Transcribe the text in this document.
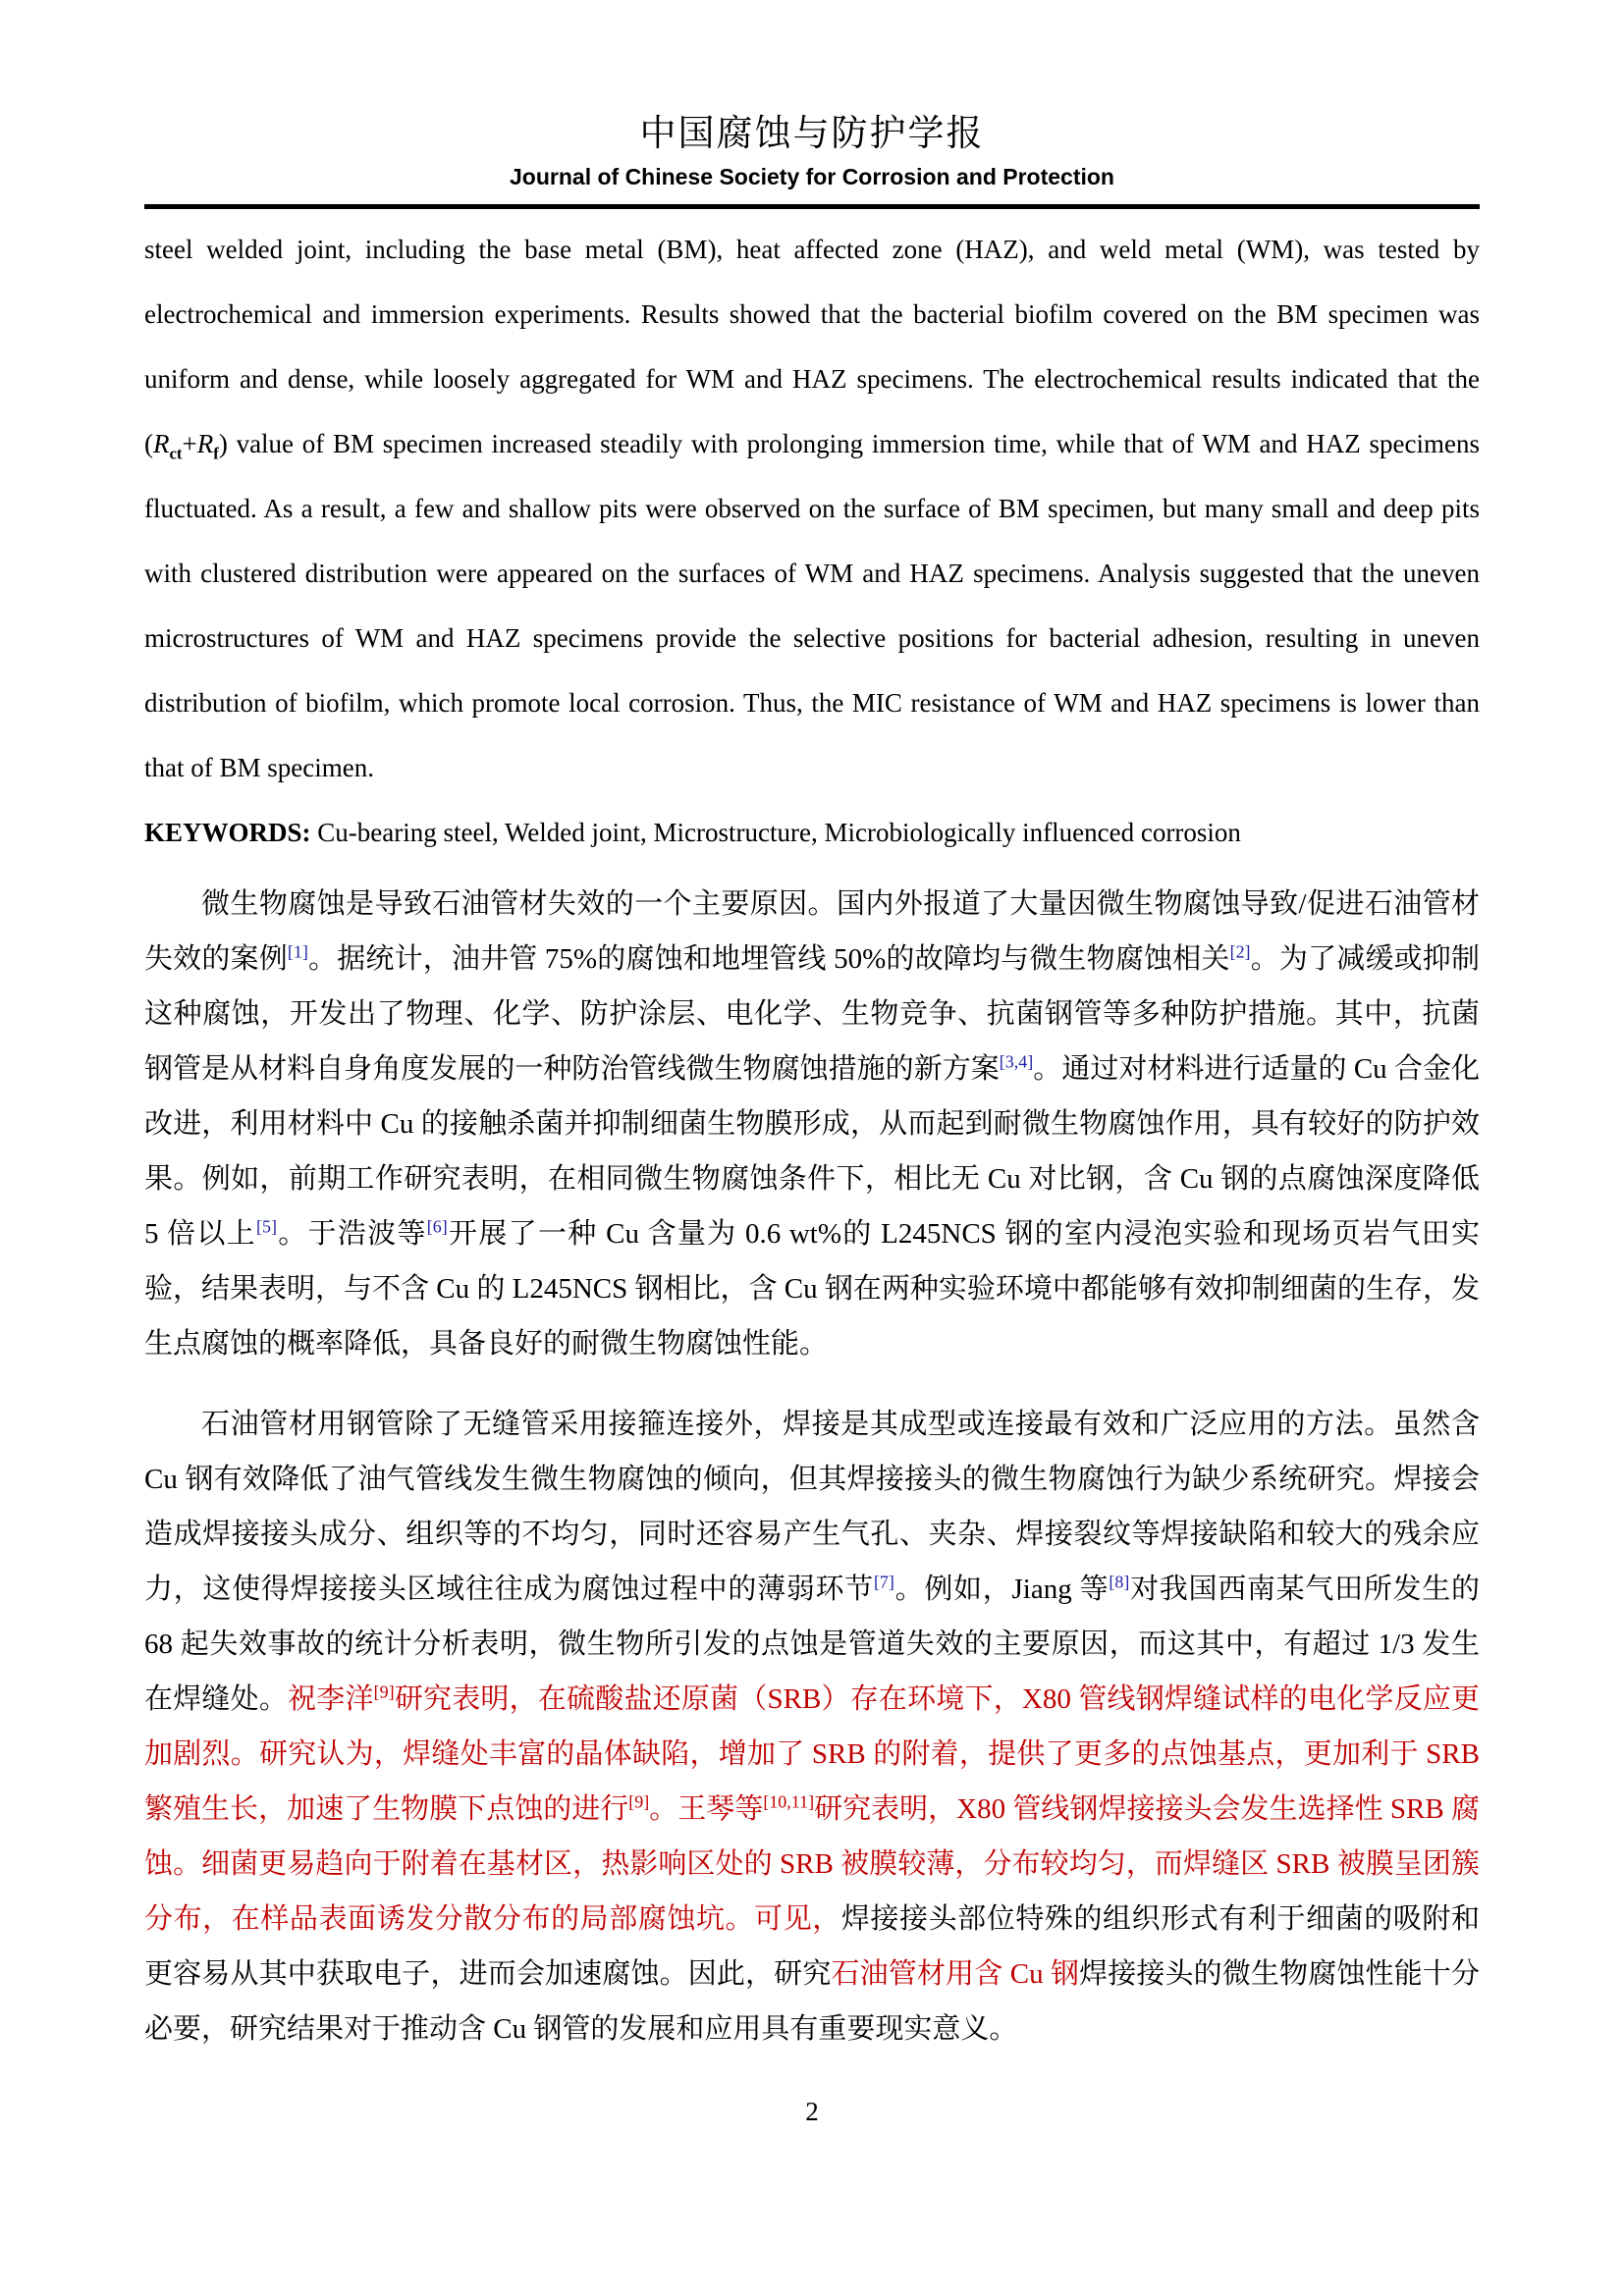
中国腐蚀与防护学报
Journal of Chinese Society for Corrosion and Protection

steel welded joint, including the base metal (BM), heat affected zone (HAZ), and weld metal (WM), was tested by electrochemical and immersion experiments. Results showed that the bacterial biofilm covered on the BM specimen was uniform and dense, while loosely aggregated for WM and HAZ specimens. The electrochemical results indicated that the $(R_{ct}+R_f)$ value of BM specimen increased steadily with prolonging immersion time, while that of WM and HAZ specimens fluctuated. As a result, a few and shallow pits were observed on the surface of BM specimen, but many small and deep pits with clustered distribution were appeared on the surfaces of WM and HAZ specimens. Analysis suggested that the uneven microstructures of WM and HAZ specimens provide the selective positions for bacterial adhesion, resulting in uneven distribution of biofilm, which promote local corrosion. Thus, the MIC resistance of WM and HAZ specimens is lower than that of BM specimen.

KEYWORDS: Cu-bearing steel, Welded joint, Microstructure, Microbiologically influenced corrosion

微生物腐蚀是导致石油管材失效的一个主要原因。国内外报道了大量因微生物腐蚀导致/促进石油管材失效的案例[1]。据统计，油井管 75%的腐蚀和地埋管线 50%的故障均与微生物腐蚀相关[2]。为了减缓或抑制这种腐蚀，开发出了物理、化学、防护涂层、电化学、生物竞争、抗菌钢管等多种防护措施。其中，抗菌钢管是从材料自身角度发展的一种防治管线微生物腐蚀措施的新方案[3,4]。通过对材料进行适量的 Cu 合金化改进，利用材料中 Cu 的接触杀菌并抑制细菌生物膜形成，从而起到耐微生物腐蚀作用，具有较好的防护效果。例如，前期工作研究表明，在相同微生物腐蚀条件下，相比无 Cu 对比钢，含 Cu 钢的点腐蚀深度降低 5 倍以上[5]。于浩波等[6]开展了一种 Cu 含量为 0.6 wt%的 L245NCS 钢的室内浸泡实验和现场页岩气田实验，结果表明，与不含 Cu 的 L245NCS 钢相比，含 Cu 钢在两种实验环境中都能够有效抑制细菌的生存，发生点腐蚀的概率降低，具备良好的耐微生物腐蚀性能。

石油管材用钢管除了无缝管采用接箍连接外，焊接是其成型或连接最有效和广泛应用的方法。虽然含 Cu 钢有效降低了油气管线发生微生物腐蚀的倾向，但其焊接接头的微生物腐蚀行为缺少系统研究。焊接会造成焊接接头成分、组织等的不均匀，同时还容易产生气孔、夹杂、焊接裂纹等焊接缺陷和较大的残余应力，这使得焊接接头区域往往成为腐蚀过程中的薄弱环节[7]。例如，Jiang 等[8]对我国西南某气田所发生的 68 起失效事故的统计分析表明，微生物所引发的点蚀是管道失效的主要原因，而这其中，有超过 1/3 发生在焊缝处。祝李洋[9]研究表明，在硫酸盐还原菌（SRB）存在环境下，X80 管线钢焊缝试样的电化学反应更加剧烈。研究认为，焊缝处丰富的晶体缺陷，增加了 SRB 的附着，提供了更多的点蚀基点，更加利于 SRB 繁殖生长，加速了生物膜下点蚀的进行[9]。王琴等[10,11]研究表明，X80 管线钢焊接接头会发生选择性 SRB 腐蚀。细菌更易趋向于附着在基材区，热影响区处的 SRB 被膜较薄，分布较均匀，而焊缝区 SRB 被膜呈团簇分布，在样品表面诱发分散分布的局部腐蚀坑。可见，焊接接头部位特殊的组织形式有利于细菌的吸附和更容易从其中获取电子，进而会加速腐蚀。因此，研究石油管材用含 Cu 钢焊接接头的微生物腐蚀性能十分必要，研究结果对于推动含 Cu 钢管的发展和应用具有重要现实意义。

2
